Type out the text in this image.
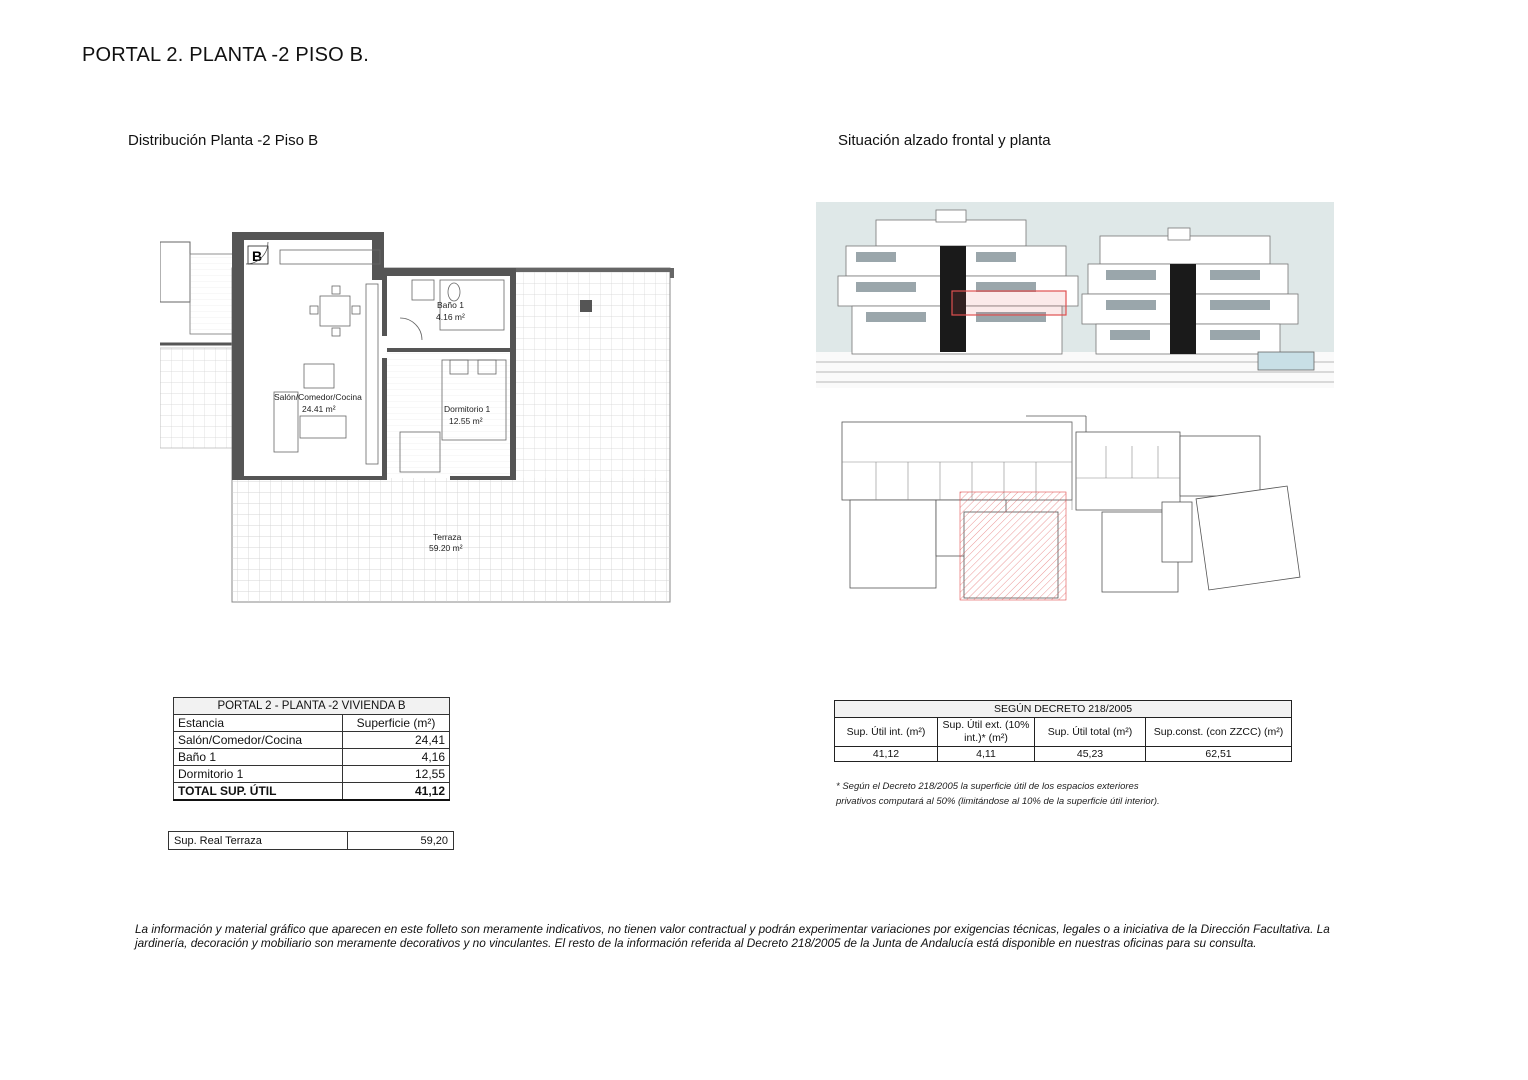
PORTAL 2. PLANTA -2 PISO B.
Distribución Planta -2 Piso B	Situación alzado frontal y planta
B
Baño 1
4.16 m²
Salón/Comedor/Cocina
24.41 m²	Dormitorio 1
12.55 m²
Terraza
59.20 m²
PORTAL 2 - PLANTA -2 VIVIENDA B	
Estancia	Superficie (m²)
Salón/Comedor/Cocina	24,41
Baño 1	4,16
Dormitorio 1	12,55
TOTAL SUP. ÚTIL	41,12
Sup. Real Terraza	59,20
SEGÚN DECRETO 218/2005			
Sup. Útil int. (m²)	Sup. Útil ext. (10% int.)* (m²)	Sup. Útil total (m²)	Sup.const. (con ZZCC) (m²)
41,12	4,11	45,23	62,51
* Según el Decreto 218/2005 la superficie útil de los espacios exteriores
privativos computará al 50% (limitándose al 10% de la superficie útil interior).
La información y material gráfico que aparecen en este folleto son meramente indicativos, no tienen valor contractual y podrán experimentar variaciones por exigencias técnicas, legales o a iniciativa de la Dirección Facultativa. La jardinería, decoración y mobiliario son meramente decorativos y no vinculantes. El resto de la información referida al Decreto 218/2005 de la Junta de Andalucía está disponible en nuestras oficinas para su consulta.
